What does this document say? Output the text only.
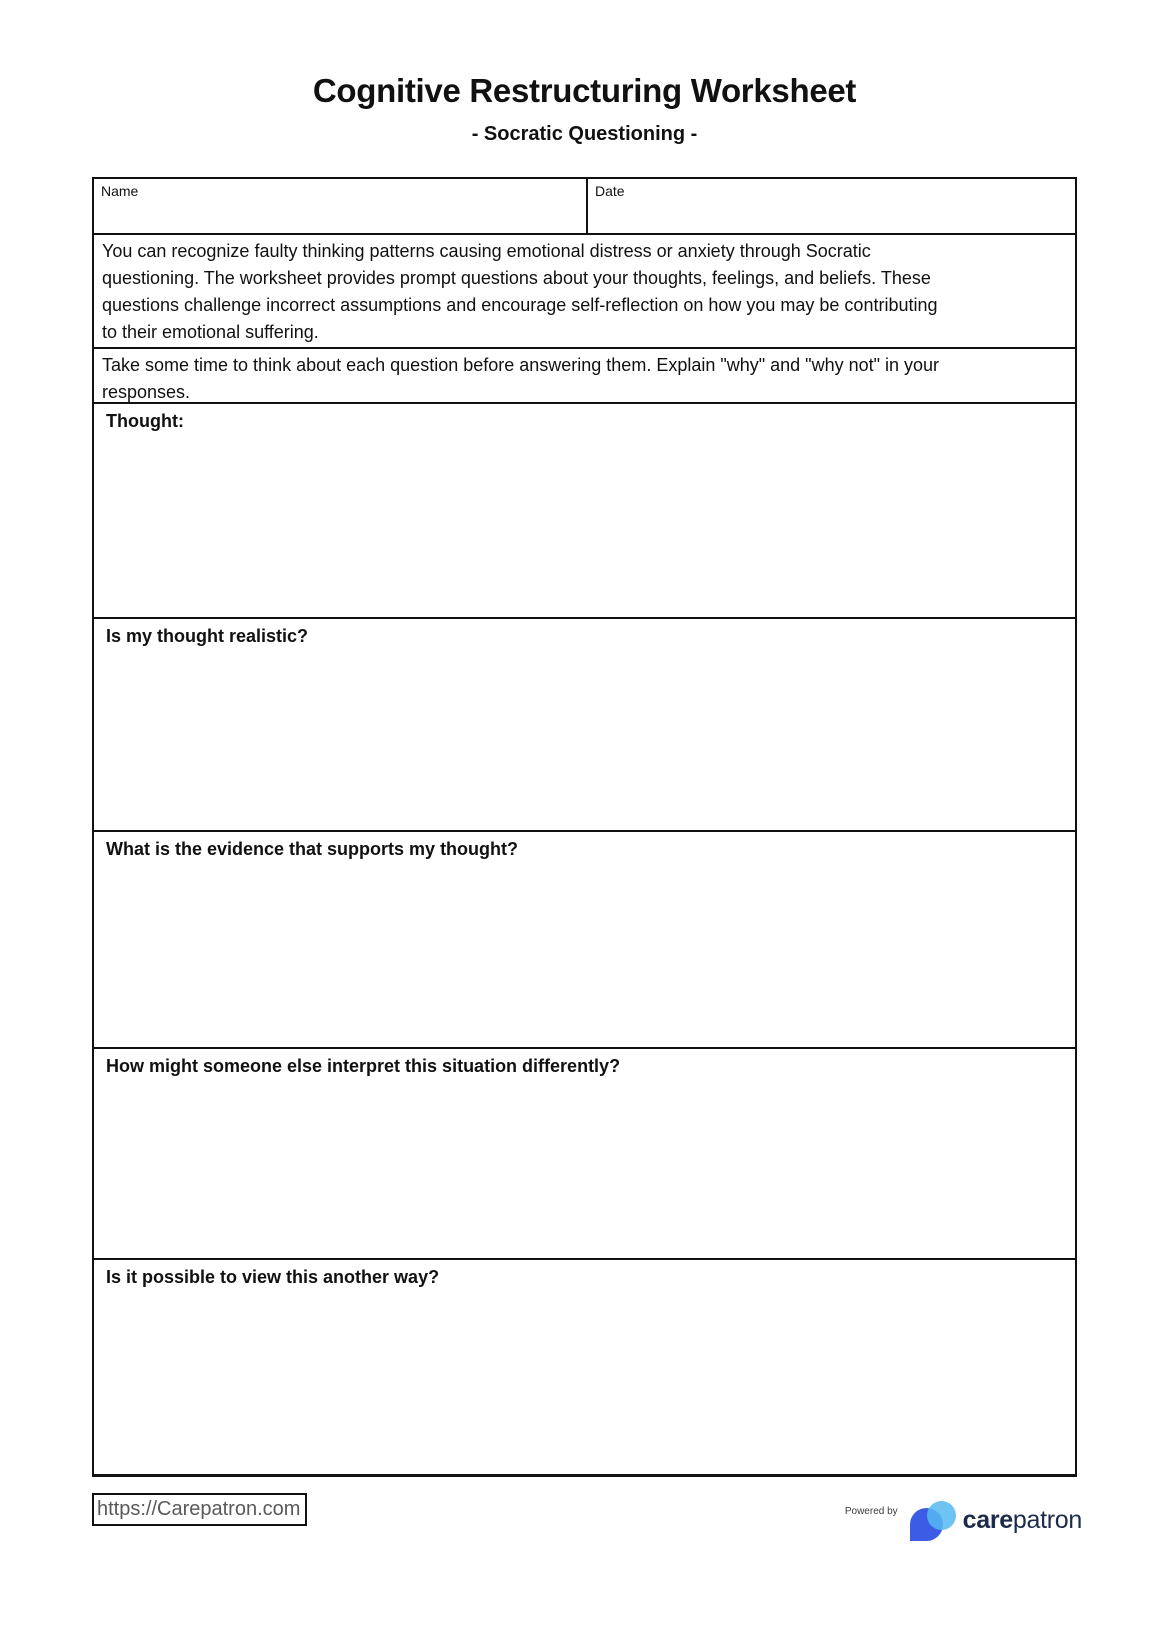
Cognitive Restructuring Worksheet
- Socratic Questioning -
Name	Date
You can recognize faulty thinking patterns causing emotional distress or anxiety through Socratic
questioning. The worksheet provides prompt questions about your thoughts, feelings, and beliefs. These
questions challenge incorrect assumptions and encourage self-reflection on how you may be contributing
to their emotional suffering.
Take some time to think about each question before answering them. Explain "why" and "why not" in your
responses.
Thought:
Is my thought realistic?
What is the evidence that supports my thought?
How might someone else interpret this situation differently?
Is it possible to view this another way?
https://Carepatron.com	Powered by	carepatron
